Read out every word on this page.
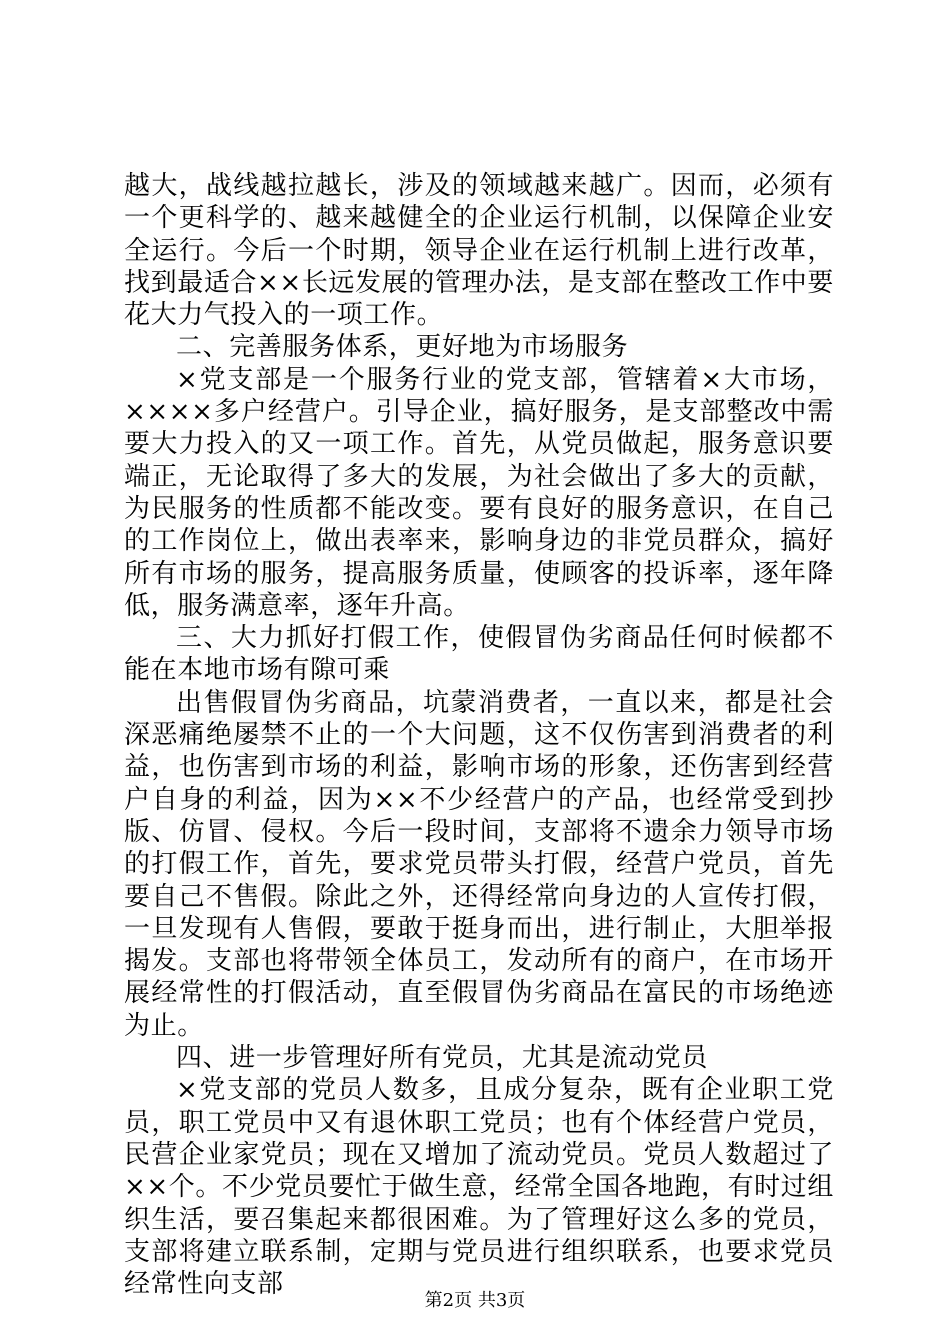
越大，战线越拉越长，涉及的领域越来越广。因而，必须有一个更科学的、越来越健全的企业运行机制，以保障企业安全运行。今后一个时期，领导企业在运行机制上进行改革，找到最适合××长远发展的管理办法，是支部在整改工作中要花大力气投入的一项工作。

二、完善服务体系，更好地为市场服务

×党支部是一个服务行业的党支部，管辖着×大市场，××××多户经营户。引导企业，搞好服务，是支部整改中需要大力投入的又一项工作。首先，从党员做起，服务意识要端正，无论取得了多大的发展，为社会做出了多大的贡献，为民服务的性质都不能改变。要有良好的服务意识，在自己的工作岗位上，做出表率来，影响身边的非党员群众，搞好所有市场的服务，提高服务质量，使顾客的投诉率，逐年降低，服务满意率，逐年升高。

三、大力抓好打假工作，使假冒伪劣商品任何时候都不能在本地市场有隙可乘

出售假冒伪劣商品，坑蒙消费者，一直以来，都是社会深恶痛绝屡禁不止的一个大问题，这不仅伤害到消费者的利益，也伤害到市场的利益，影响市场的形象，还伤害到经营户自身的利益，因为××不少经营户的产品，也经常受到抄版、仿冒、侵权。今后一段时间，支部将不遗余力领导市场的打假工作，首先，要求党员带头打假，经营户党员，首先要自己不售假。除此之外，还得经常向身边的人宣传打假，一旦发现有人售假，要敢于挺身而出，进行制止，大胆举报揭发。支部也将带领全体员工，发动所有的商户，在市场开展经常性的打假活动，直至假冒伪劣商品在富民的市场绝迹为止。

四、进一步管理好所有党员，尤其是流动党员

×党支部的党员人数多，且成分复杂，既有企业职工党员，职工党员中又有退休职工党员；也有个体经营户党员，民营企业家党员；现在又增加了流动党员。党员人数超过了××个。不少党员要忙于做生意，经常全国各地跑，有时过组织生活，要召集起来都很困难。为了管理好这么多的党员，支部将建立联系制，定期与党员进行组织联系，也要求党员经常性向支部

第2页 共3页
